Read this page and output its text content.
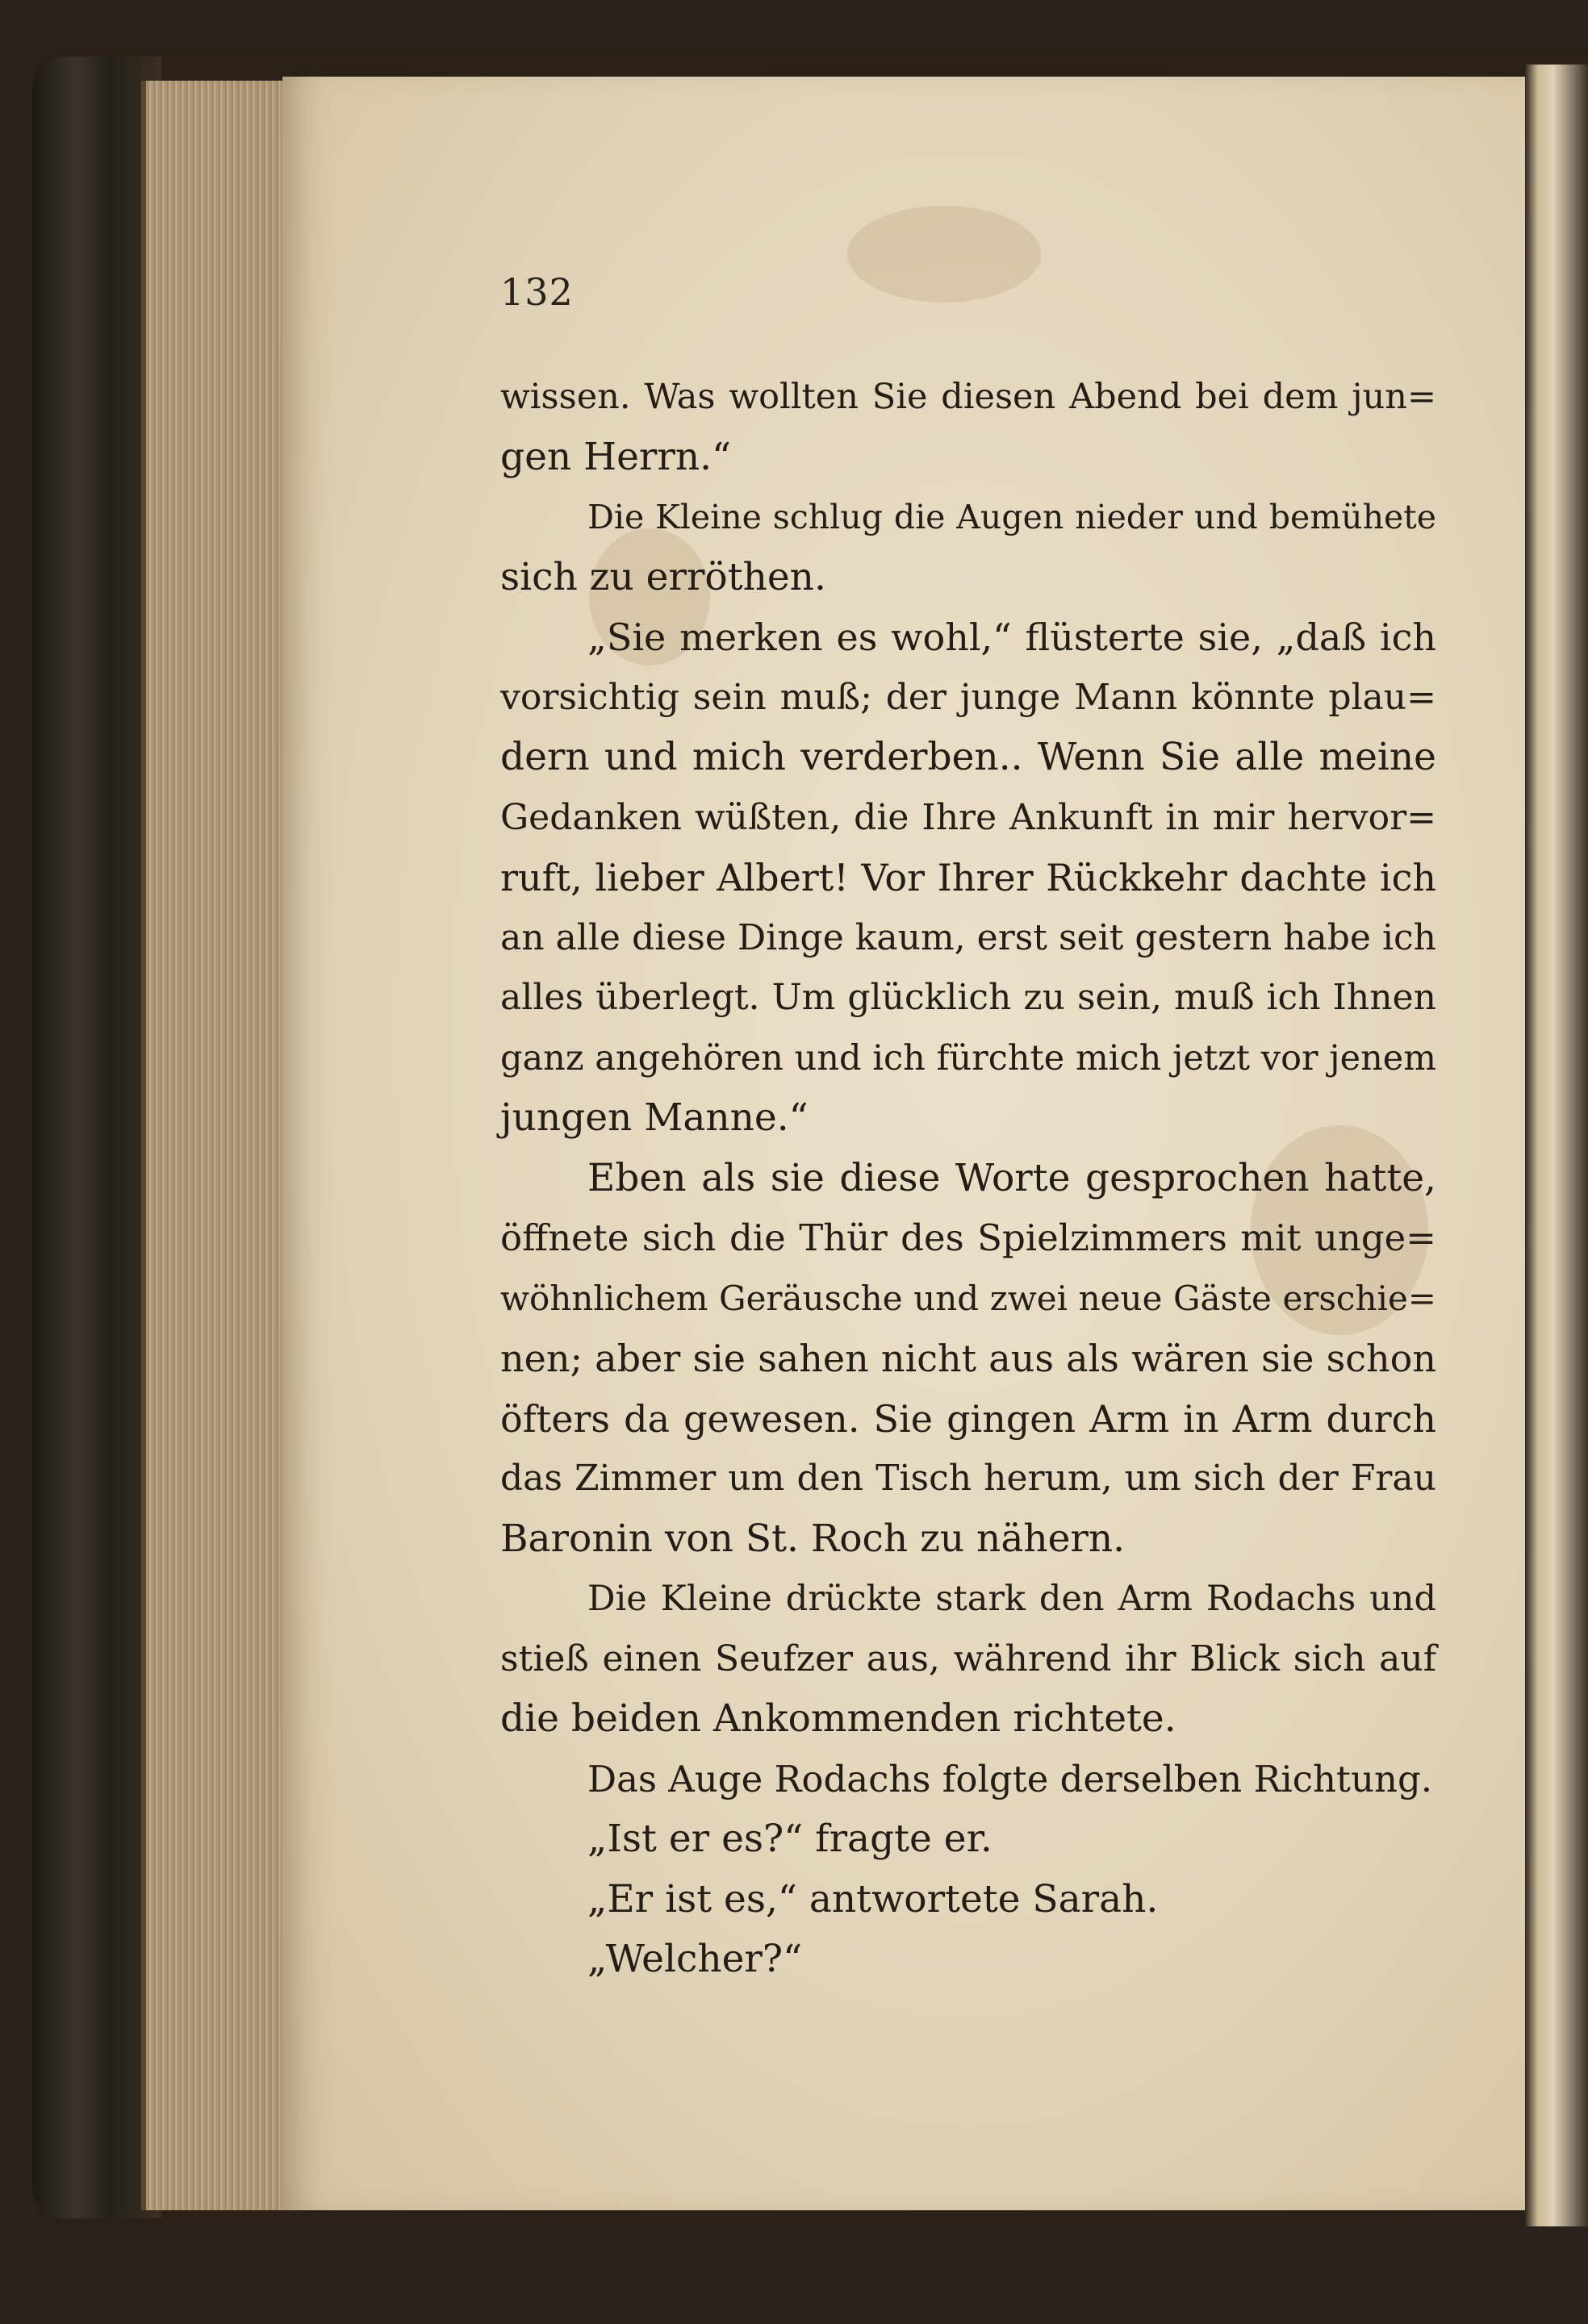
132
wissen. Was wollten Sie diesen Abend bei dem jun=
gen Herrn.“
Die Kleine schlug die Augen nieder und bemühete
sich zu erröthen.
„Sie merken es wohl,“ flüsterte sie, „daß ich
vorsichtig sein muß; der junge Mann könnte plau=
dern und mich verderben.. Wenn Sie alle meine
Gedanken wüßten, die Ihre Ankunft in mir hervor=
ruft, lieber Albert! Vor Ihrer Rückkehr dachte ich
an alle diese Dinge kaum, erst seit gestern habe ich
alles überlegt. Um glücklich zu sein, muß ich Ihnen
ganz angehören und ich fürchte mich jetzt vor jenem
jungen Manne.“
Eben als sie diese Worte gesprochen hatte,
öffnete sich die Thür des Spielzimmers mit unge=
wöhnlichem Geräusche und zwei neue Gäste erschie=
nen; aber sie sahen nicht aus als wären sie schon
öfters da gewesen. Sie gingen Arm in Arm durch
das Zimmer um den Tisch herum, um sich der Frau
Baronin von St. Roch zu nähern.
Die Kleine drückte stark den Arm Rodachs und
stieß einen Seufzer aus, während ihr Blick sich auf
die beiden Ankommenden richtete.
Das Auge Rodachs folgte derselben Richtung.
„Ist er es?“ fragte er.
„Er ist es,“ antwortete Sarah.
„Welcher?“
